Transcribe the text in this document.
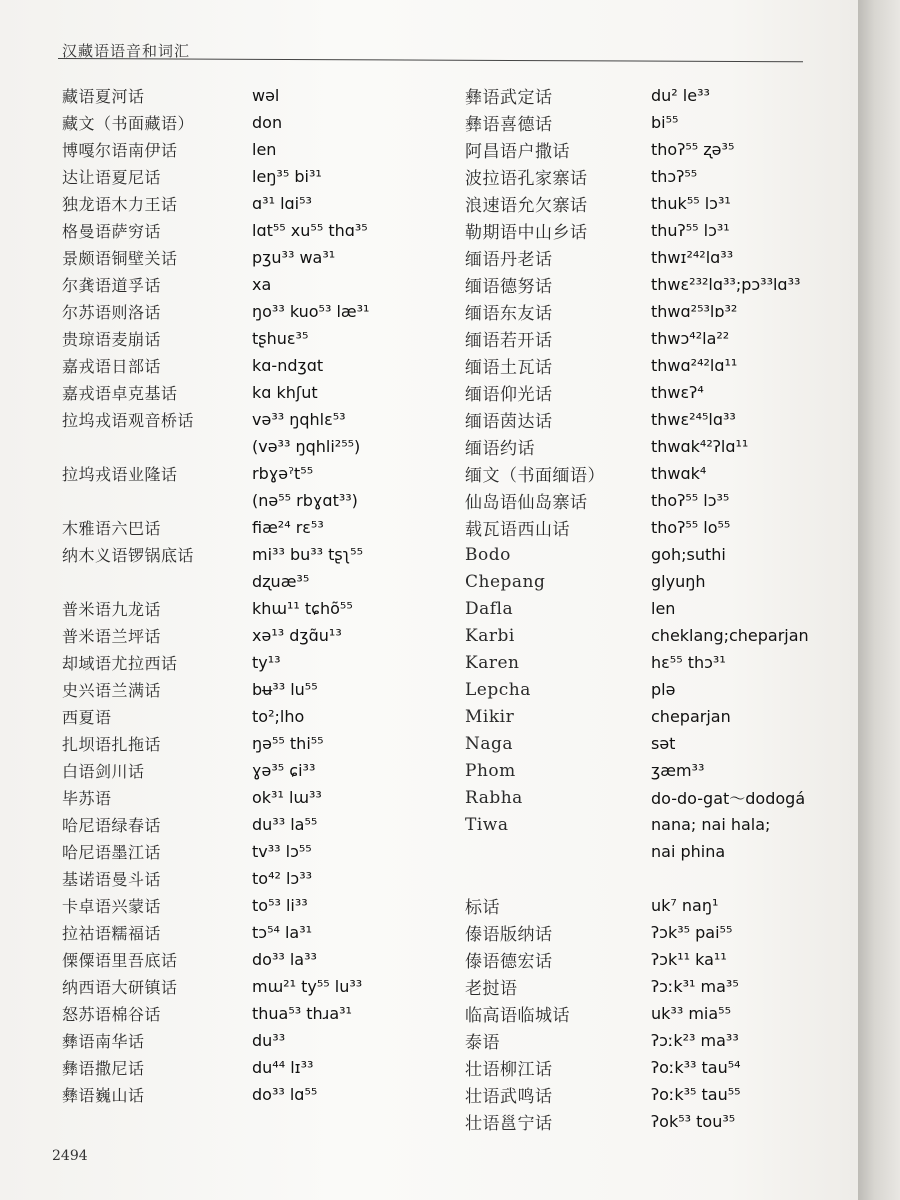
汉藏语语音和词汇
藏语夏河话	wəl
藏文（书面藏语）	don
博嘎尔语南伊话	len
达让语夏尼话	leŋ³⁵ bi³¹
独龙语木力王话	ɑ³¹ lɑi⁵³
格曼语萨穷话	lɑt⁵⁵ xu⁵⁵ thɑ³⁵
景颇语铜壁关话	pʒu³³ wa³¹
尔龚语道孚话	xa
尔苏语则洛话	ŋo³³ kuo⁵³ læ³¹
贵琼语麦崩话	tʂhuɛ³⁵
嘉戎语日部话	kɑ-ndʒɑt
嘉戎语卓克基话	kɑ khʃut
拉坞戎语观音桥话	və³³ ŋqhlɛ⁵³
(və³³ ŋqhli²⁵⁵)
拉坞戎语业隆话	rbɣəˀt⁵⁵
(nə⁵⁵ rbɣɑt³³)
木雅语六巴话	fiæ²⁴ rɛ⁵³
纳木义语锣锅底话	mi³³ bu³³ tʂʅ⁵⁵
dʐuæ³⁵
普米语九龙话	khɯ¹¹ tɕhõ⁵⁵
普米语兰坪话	xə¹³ dʒɑ̃u¹³
却域语尤拉西话	ty¹³
史兴语兰满话	bʉ³³ lu⁵⁵
西夏语	to²;lho
扎坝语扎拖话	ŋə⁵⁵ thi⁵⁵
白语剑川话	ɣə³⁵ ɕi³³
毕苏语	ok³¹ lɯ³³
哈尼语绿春话	du³³ la⁵⁵
哈尼语墨江话	tv³³ lɔ⁵⁵
基诺语曼斗话	to⁴² lɔ³³
卡卓语兴蒙话	to⁵³ li³³
拉祜语糯福话	tɔ⁵⁴ la³¹
傈僳语里吾底话	do³³ la³³
纳西语大研镇话	mɯ²¹ ty⁵⁵ lu³³
怒苏语棉谷话	thua⁵³ thɹa³¹
彝语南华话	du³³
彝语撒尼话	du⁴⁴ lɪ³³
彝语巍山话	do³³ lɑ⁵⁵
彝语武定话	du² le³³
彝语喜德话	bi⁵⁵
阿昌语户撒话	thoʔ⁵⁵ ʐə³⁵
波拉语孔家寨话	thɔʔ⁵⁵
浪速语允欠寨话	thuk⁵⁵ lɔ³¹
勒期语中山乡话	thuʔ⁵⁵ lɔ³¹
缅语丹老话	thwɪ²⁴²lɑ³³
缅语德努话	thwɛ²³²lɑ³³;pɔ³³lɑ³³
缅语东友话	thwɑ²⁵³lɒ³²
缅语若开话	thwɔ⁴²la²²
缅语土瓦话	thwɑ²⁴²lɑ¹¹
缅语仰光话	thwɛʔ⁴
缅语茵达话	thwɛ²⁴⁵lɑ³³
缅语约话	thwɑk⁴²ʔlɑ¹¹
缅文（书面缅语）	thwɑk⁴
仙岛语仙岛寨话	thoʔ⁵⁵ lɔ³⁵
载瓦语西山话	thoʔ⁵⁵ lo⁵⁵
Bodo	goh;suthi
Chepang	glyuŋh
Dafla	len
Karbi	cheklang;cheparjan
Karen	hɛ⁵⁵ thɔ³¹
Lepcha	plə
Mikir	cheparjan
Naga	sət
Phom	ʒæm³³
Rabha	do-do-gat～dodogá
Tiwa	nana; nai hala;
nai phina
标话	uk⁷ naŋ¹
傣语版纳话	ʔɔk³⁵ pai⁵⁵
傣语德宏话	ʔɔk¹¹ ka¹¹
老挝语	ʔɔːk³¹ ma³⁵
临高语临城话	uk³³ mia⁵⁵
泰语	ʔɔːk²³ ma³³
壮语柳江话	ʔoːk³³ tau⁵⁴
壮语武鸣话	ʔoːk³⁵ tau⁵⁵
壮语邕宁话	ʔok⁵³ tou³⁵
2494
